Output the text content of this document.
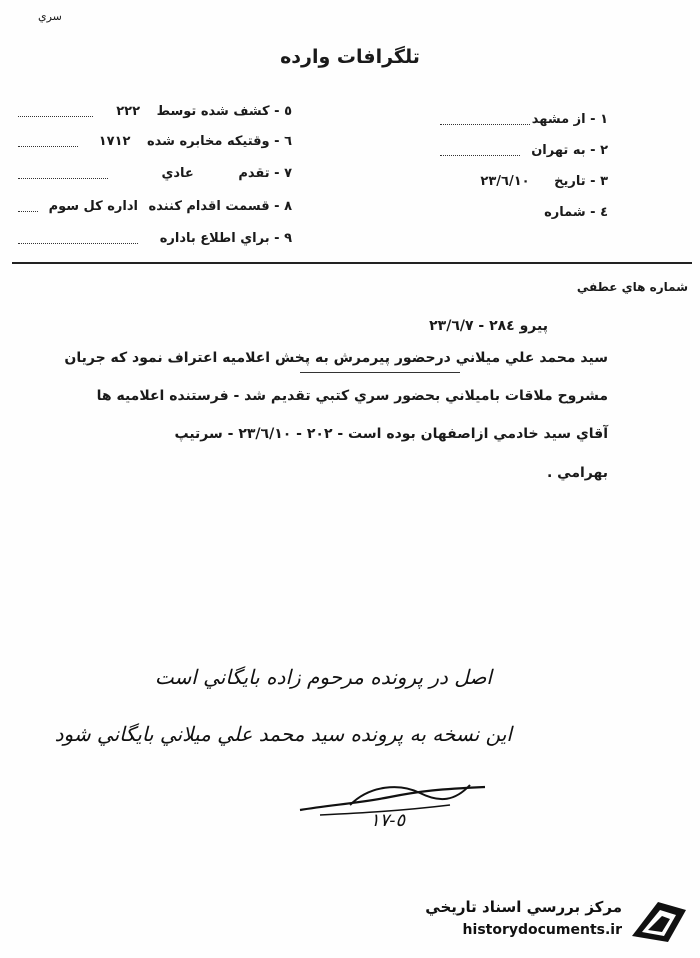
سري
تلگرافات وارده
١ - از مشهد
٢ - به تهران
٣ - تاريخ ٢٣/٦/١٠
٤ - شماره
٥ - كشف شده توسط ٢٢٢
٦ - وقتيكه مخابره شده ١٧١٢
٧ - تقدم عادي
٨ - قسمت اقدام كننده اداره كل سوم
٩ - براي اطلاع باداره
شماره هاي عطفي
پيرو ٢٨٤ - ٢٣/٦/٧
سيد محمد علي ميلاني درحضور پيرمرش به پخش اعلاميه اعتراف نمود كه جريان
مشروح ملاقات باميلاني بحضور سري كتبي تقديم شد - فرستنده اعلاميه ها
آقاي سيد خادمي ازاصفهان بوده است - ٢٠٢ - ٢٣/٦/١٠ - سرتيپ
بهرامي .
اصل در پرونده مرحوم زاده بايگاني است
اين نسخه به پرونده سيد محمد علي ميلاني بايگاني شود
٥-١٧
مركز بررسي اسناد تاريخي
historydocuments.ir
